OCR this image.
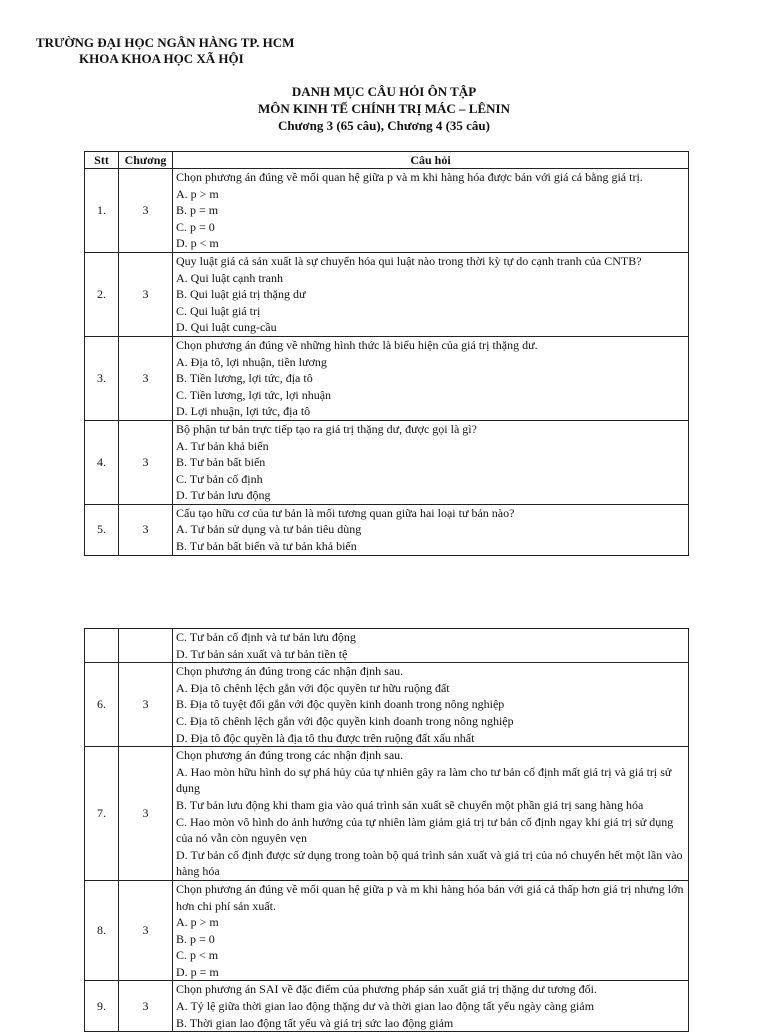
TRƯỜNG ĐẠI HỌC NGÂN HÀNG TP. HCM
KHOA KHOA HỌC XÃ HỘI
DANH MỤC CÂU HỎI ÔN TẬP
MÔN KINH TẾ CHÍNH TRỊ MÁC – LÊNIN
Chương 3 (65 câu), Chương 4 (35 câu)
Stt	Chương	Câu hỏi
1.	3	Chọn phương án đúng về mối quan hệ giữa p và m khi hàng hóa được bán với giá cả bằng giá trị.
A. p > m
B. p = m
C. p = 0
D. p < m

2.	3	Quy luật giá cả sản xuất là sự chuyển hóa qui luật nào trong thời kỳ tự do cạnh tranh của CNTB?
A. Qui luật cạnh tranh
B. Qui luật giá trị thặng dư
C. Qui luật giá trị
D. Qui luật cung-cầu

3.	3	Chọn phương án đúng về những hình thức là biểu hiện của giá trị thặng dư.
A. Địa tô, lợi nhuận, tiền lương
B. Tiền lương, lợi tức, địa tô
C. Tiền lương, lợi tức, lợi nhuận
D. Lợi nhuận, lợi tức, địa tô

4.	3	Bộ phận tư bản trực tiếp tạo ra giá trị thặng dư, được gọi là gì?
A. Tư bản khả biến
B. Tư bản bất biến
C. Tư bản cố định
D. Tư bản lưu động

5.	3	Cấu tạo hữu cơ của tư bản là mối tương quan giữa hai loại tư bản nào?
A. Tư bản sử dụng và tư bản tiêu dùng
B. Tư bản bất biến và tư bản khả biến

		C. Tư bản cố định và tư bản lưu động
D. Tư bản sản xuất và tư bản tiền tệ

6.	3	Chọn phương án đúng trong các nhận định sau.
A. Địa tô chênh lệch gắn với độc quyền tư hữu ruộng đất
B. Địa tô tuyệt đối gắn với độc quyền kinh doanh trong nông nghiệp
C. Địa tô chênh lệch gắn với độc quyền kinh doanh trong nông nghiệp
D. Địa tô độc quyền là địa tô thu được trên ruộng đất xấu nhất

7.	3	Chọn phương án đúng trong các nhận định sau.
A. Hao mòn hữu hình do sự phá hủy của tự nhiên gây ra làm cho tư bản cố định mất giá trị và giá trị sử dụng
B. Tư bản lưu động khi tham gia vào quá trình sản xuất sẽ chuyển một phần giá trị sang hàng hóa
C. Hao mòn vô hình do ảnh hưởng của tự nhiên làm giảm giá trị tư bản cố định ngay khi giá trị sử dụng của nó vẫn còn nguyên vẹn
D. Tư bản cố định được sử dụng trong toàn bộ quá trình sản xuất và giá trị của nó chuyển hết một lần vào hàng hóa

8.	3	Chọn phương án đúng về mối quan hệ giữa p và m khi hàng hóa bán với giá cả thấp hơn giá trị nhưng lớn hơn chi phí sản xuất.
A. p > m
B. p = 0
C. p < m
D. p = m

9.	3	Chọn phương án SAI về đặc điểm của phương pháp sản xuất giá trị thặng dư tương đối.
A. Tỷ lệ giữa thời gian lao động thặng dư và thời gian lao động tất yếu ngày càng giảm
B. Thời gian lao động tất yếu và giá trị sức lao động giảm
